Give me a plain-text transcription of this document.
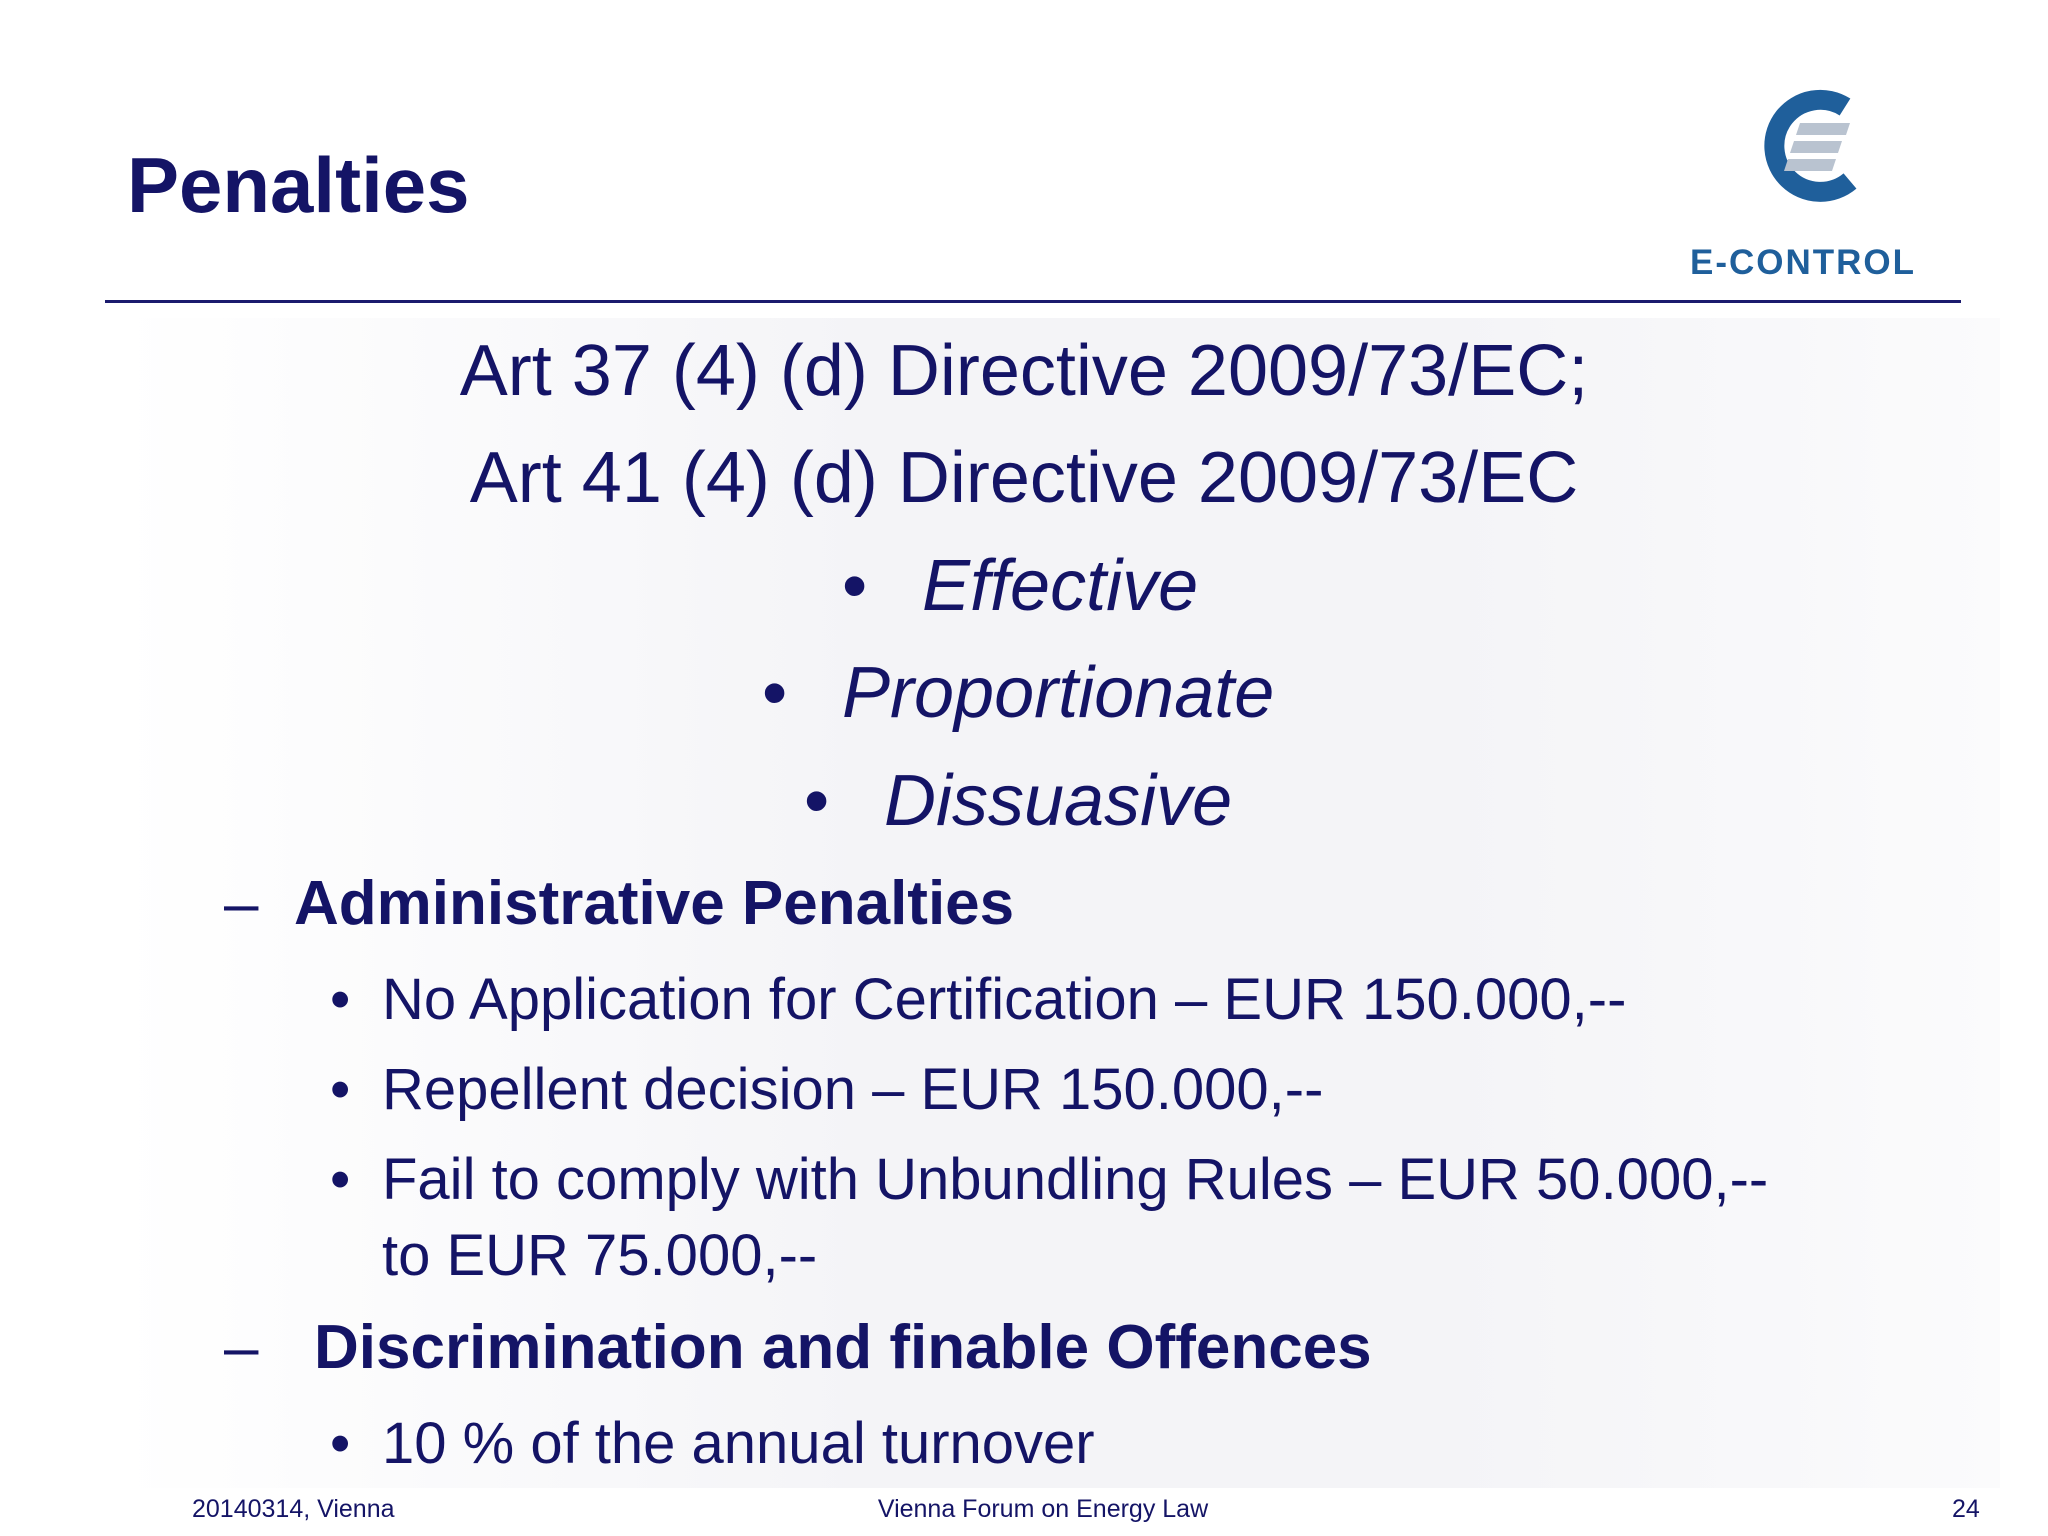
Penalties
E-CONTROL
Art 37 (4) (d) Directive 2009/73/EC;
Art 41 (4) (d) Directive 2009/73/EC
• Effective
• Proportionate
• Dissuasive
– Administrative Penalties
• No Application for Certification – EUR 150.000,--
• Repellent decision – EUR 150.000,--
• Fail to comply with Unbundling Rules – EUR 50.000,--
to EUR 75.000,--
– Discrimination and finable Offences
• 10 % of the annual turnover
20140314, Vienna	Vienna Forum on Energy Law	24
